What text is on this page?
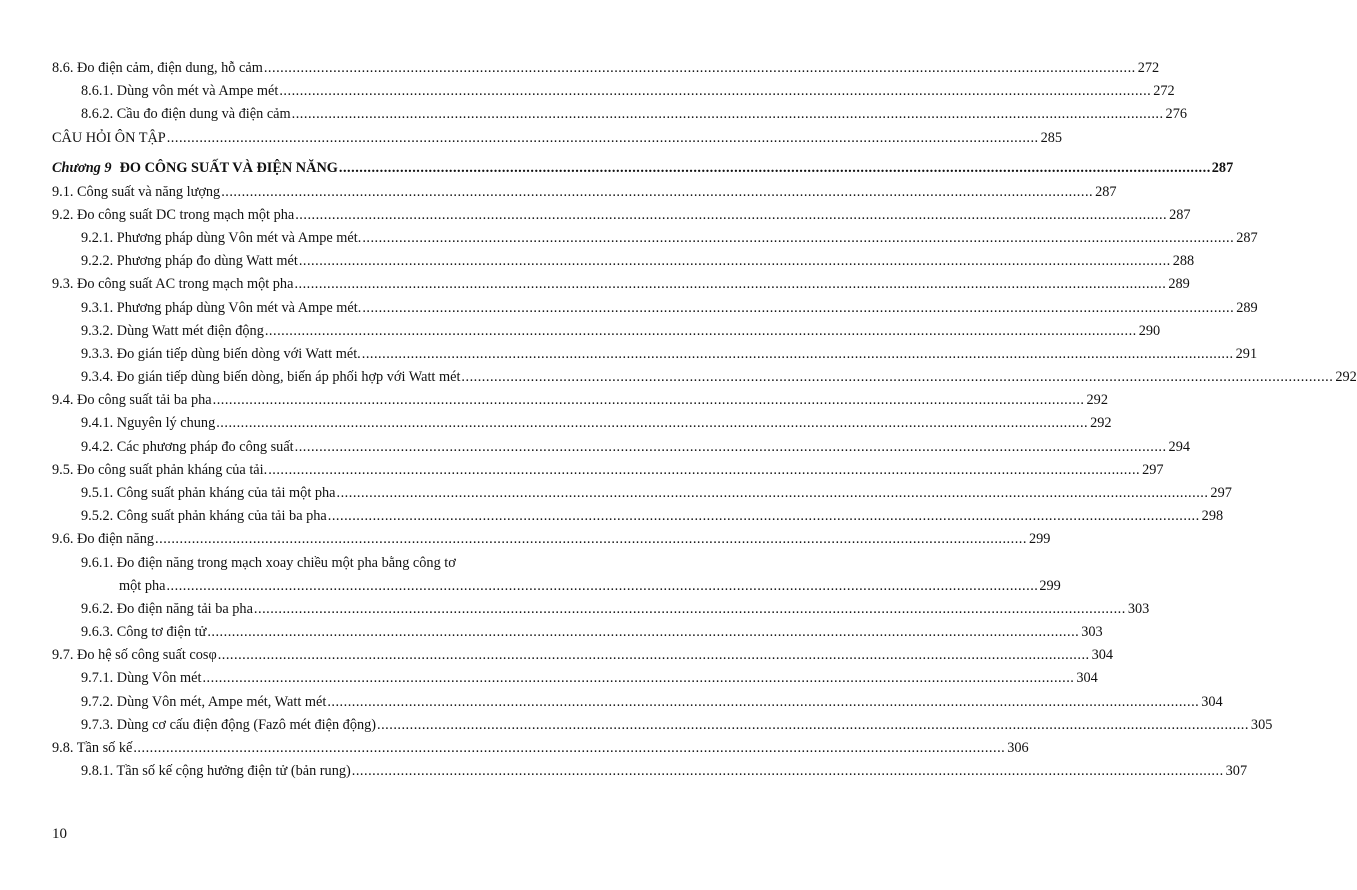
8.6. Đo điện cảm, điện dung, hỗ cảm .....	272
8.6.1. Dùng vôn mét và Ampe mét .....	272
8.6.2. Cầu đo điện dung và điện cảm .....	276
CÂU HỎI ÔN TẬP .....	285
Chương 9 ĐO CÔNG SUẤT VÀ ĐIỆN NĂNG .....	287
9.1. Công suất và năng lượng .....	287
9.2. Đo công suất DC trong mạch một pha .....	287
9.2.1. Phương pháp dùng Vôn mét và Ampe mét. .....	287
9.2.2. Phương pháp đo dùng Watt mét .....	288
9.3. Đo công suất AC trong mạch một pha .....	289
9.3.1. Phương pháp dùng Vôn mét và Ampe mét. .....	289
9.3.2. Dùng Watt mét điện động .....	290
9.3.3. Đo gián tiếp dùng biến dòng với Watt mét. .....	291
9.3.4. Đo gián tiếp dùng biến dòng, biến áp phối hợp với Watt mét .....	292
9.4. Đo công suất tải ba pha .....	292
9.4.1. Nguyên lý chung .....	292
9.4.2. Các phương pháp đo công suất .....	294
9.5. Đo công suất phản kháng của tải. .....	297
9.5.1. Công suất phản kháng của tải một pha .....	297
9.5.2. Công suất phản kháng của tải ba pha .....	298
9.6. Đo điện năng .....	299
9.6.1. Đo điện năng trong mạch xoay chiều một pha bằng công tơ
một pha .....	299
9.6.2. Đo điện năng tải ba pha .....	303
9.6.3. Công tơ điện tử .....	303
9.7. Đo hệ số công suất cosφ .....	304
9.7.1. Dùng Vôn mét .....	304
9.7.2. Dùng Vôn mét, Ampe mét, Watt mét .....	304
9.7.3. Dùng cơ cấu điện động (Fazô mét điện động) .....	305
9.8. Tần số kế .....	306
9.8.1. Tần số kế cộng hưởng điện tử (bản rung) .....	307
10
